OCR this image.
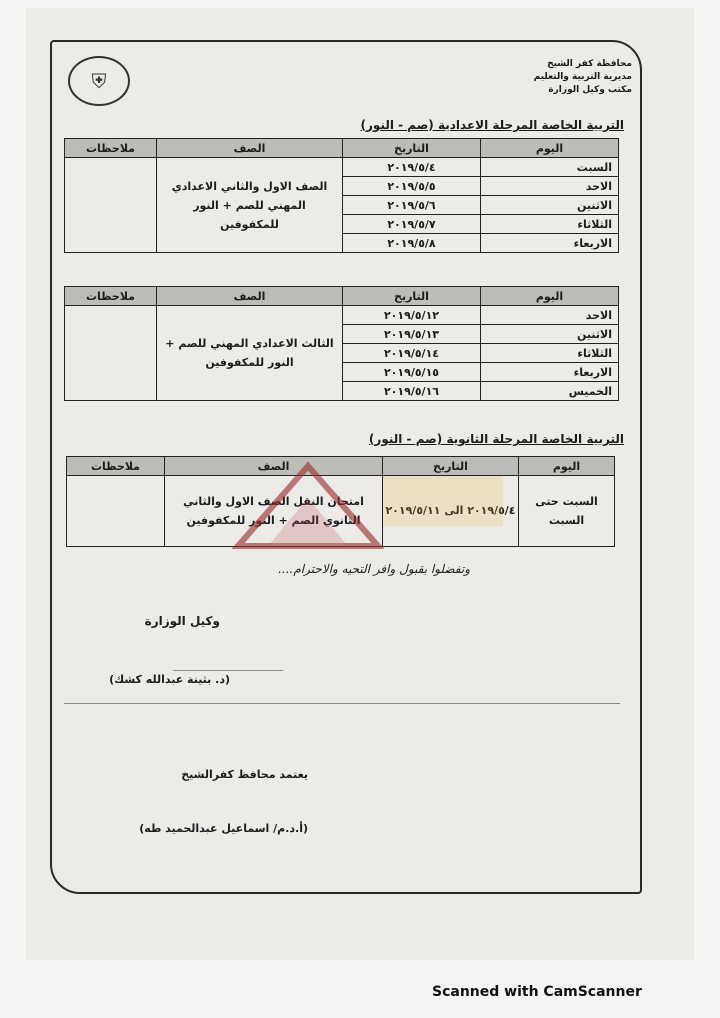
⛨
محافظة كفر الشيخ
مديرية التربية والتعليم
مكتب وكيل الوزارة
التربية الخاصة المرحلة الاعدادية (صم - النور)
اليوم	التاريخ	الصف	ملاحظات
السبت	٢٠١٩/٥/٤	الصف الاول والثاني الاعدادي المهني للصم + النور للمكفوفين	
الاحد	٢٠١٩/٥/٥		
الاثنين	٢٠١٩/٥/٦		
الثلاثاء	٢٠١٩/٥/٧		
الاربعاء	٢٠١٩/٥/٨		
اليوم	التاريخ	الصف	ملاحظات
الاحد	٢٠١٩/٥/١٢	الثالث الاعدادي المهني للصم + النور للمكفوفين	
الاثنين	٢٠١٩/٥/١٣		
الثلاثاء	٢٠١٩/٥/١٤		
الاربعاء	٢٠١٩/٥/١٥		
الخميس	٢٠١٩/٥/١٦		
التربية الخاصة المرحلة الثانوية (صم - النور)
اليوم	التاريخ	الصف	ملاحظات
السبت حتى السبت	٢٠١٩/٥/٤ الى ٢٠١٩/٥/١١	امتحان النقل الصف الاول والثاني الثانوي الصم + النور للمكفوفين	
وتفضلوا بقبول وافر التحيه والاحترام....
وكيل الوزارة
(د. بثينة عبدالله كشك)
يعتمد محافظ كفرالشيخ
(أ.د.م/ اسماعيل عبدالحميد طه)
Scanned with CamScanner
